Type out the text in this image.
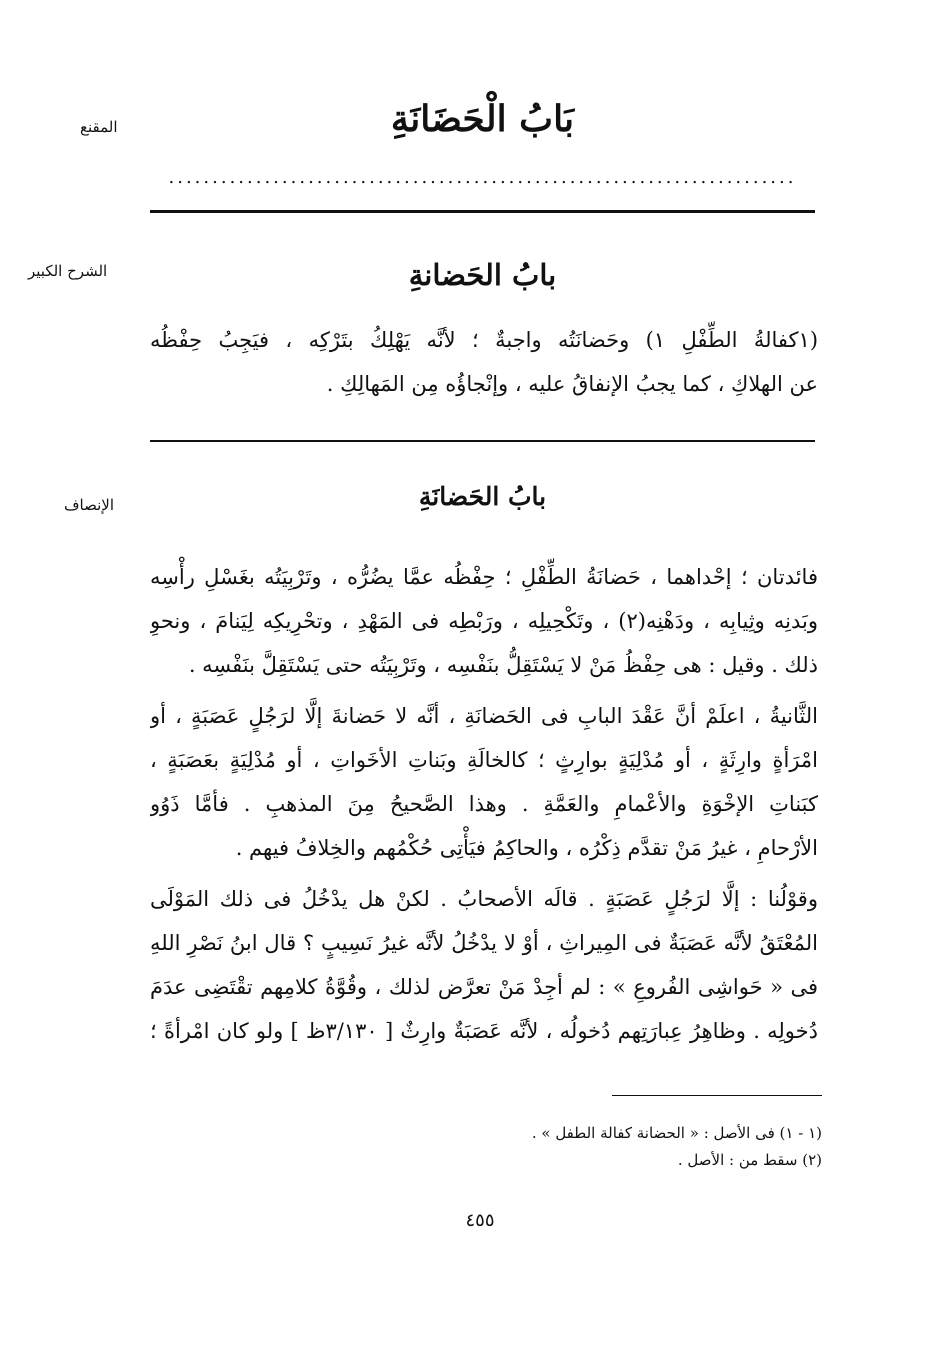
المقنع	بَابُ الْحَضَانَةِ
........................................................................
الشرح الكبير	بابُ الحَضانةِ
(١كفالةُ الطِّفْلِ ١) وحَضانَتُه واجبةٌ ؛ لأنَّه يَهْلِكُ بتَرْكِه ، فيَجِبُ حِفْظُه
عن الهلاكِ ، كما يجبُ الإنفاقُ عليه ، وإنْجاؤُه مِن المَهالِكِ .
الإنصاف	بابُ الحَضانَةِ
فائدتان ؛ إحْداهما ، حَضانَةُ الطِّفْلِ ؛ حِفْظُه عمَّا يضُرُّه ، وتَرْبِيَتُه بغَسْلِ رأْسِه
وبَدنِه وثِيابِه ، ودَهْنِه(٢) ، وتَكْحِيلِه ، ورَبْطِه فى المَهْدِ ، وتحْرِيكِه لِيَنامَ ، ونحوِ
ذلك . وقيل : هى حِفْظُ مَنْ لا يَسْتَقِلُّ بنَفْسِه ، وتَرْبِيَتُه حتى يَسْتَقِلَّ بنَفْسِه .
الثَّانيةُ ، اعلَمْ أنَّ عَقْدَ البابِ فى الحَضانَةِ ، أنَّه لا حَضانةَ إلَّا لرَجُلٍ عَصَبَةٍ ، أو
امْرَأةٍ وارِثَةٍ ، أو مُدْلِيَةٍ بوارِثٍ ؛ كالخالَةِ وبَناتِ الأخَواتِ ، أو مُدْلِيَةٍ بعَصَبَةٍ ،
كبَناتِ الإخْوَةِ والأعْمامِ والعَمَّةِ . وهذا الصَّحيحُ مِنَ المذهبِ . فأمَّا ذَوُو
الأرْحامِ ، غيرُ مَنْ تقدَّم ذِكْرُه ، والحاكِمُ فيَأْتِى حُكْمُهم والخِلافُ فيهم .
وقوْلُنا : إلَّا لرَجُلٍ عَصَبَةٍ . قالَه الأصحابُ . لكنْ هل يدْخُلُ فى ذلك المَوْلَى
المُعْتَقُ لأنَّه عَصَبَةٌ فى المِيراثِ ، أوْ لا يدْخُلُ لأنَّه غيرُ نَسِيبٍ ؟ قال ابنُ نَصْرِ اللهِ
فى « حَواشِى الفُروعِ » : لم أجِدْ مَنْ تعرَّض لذلك ، وقُوَّةُ كلامِهم تقْتَضِى عدَمَ
دُخولِه . وظاهِرُ عِبارَتِهم دُخولُه ، لأنَّه عَصَبَةٌ وارِثٌ [ ٣/١٣٠ظ ] ولو كان امْرأةً ؛
(١ - ١) فى الأصل : « الحضانة كفالة الطفل » .
(٢) سقط من : الأصل .
٤٥٥
